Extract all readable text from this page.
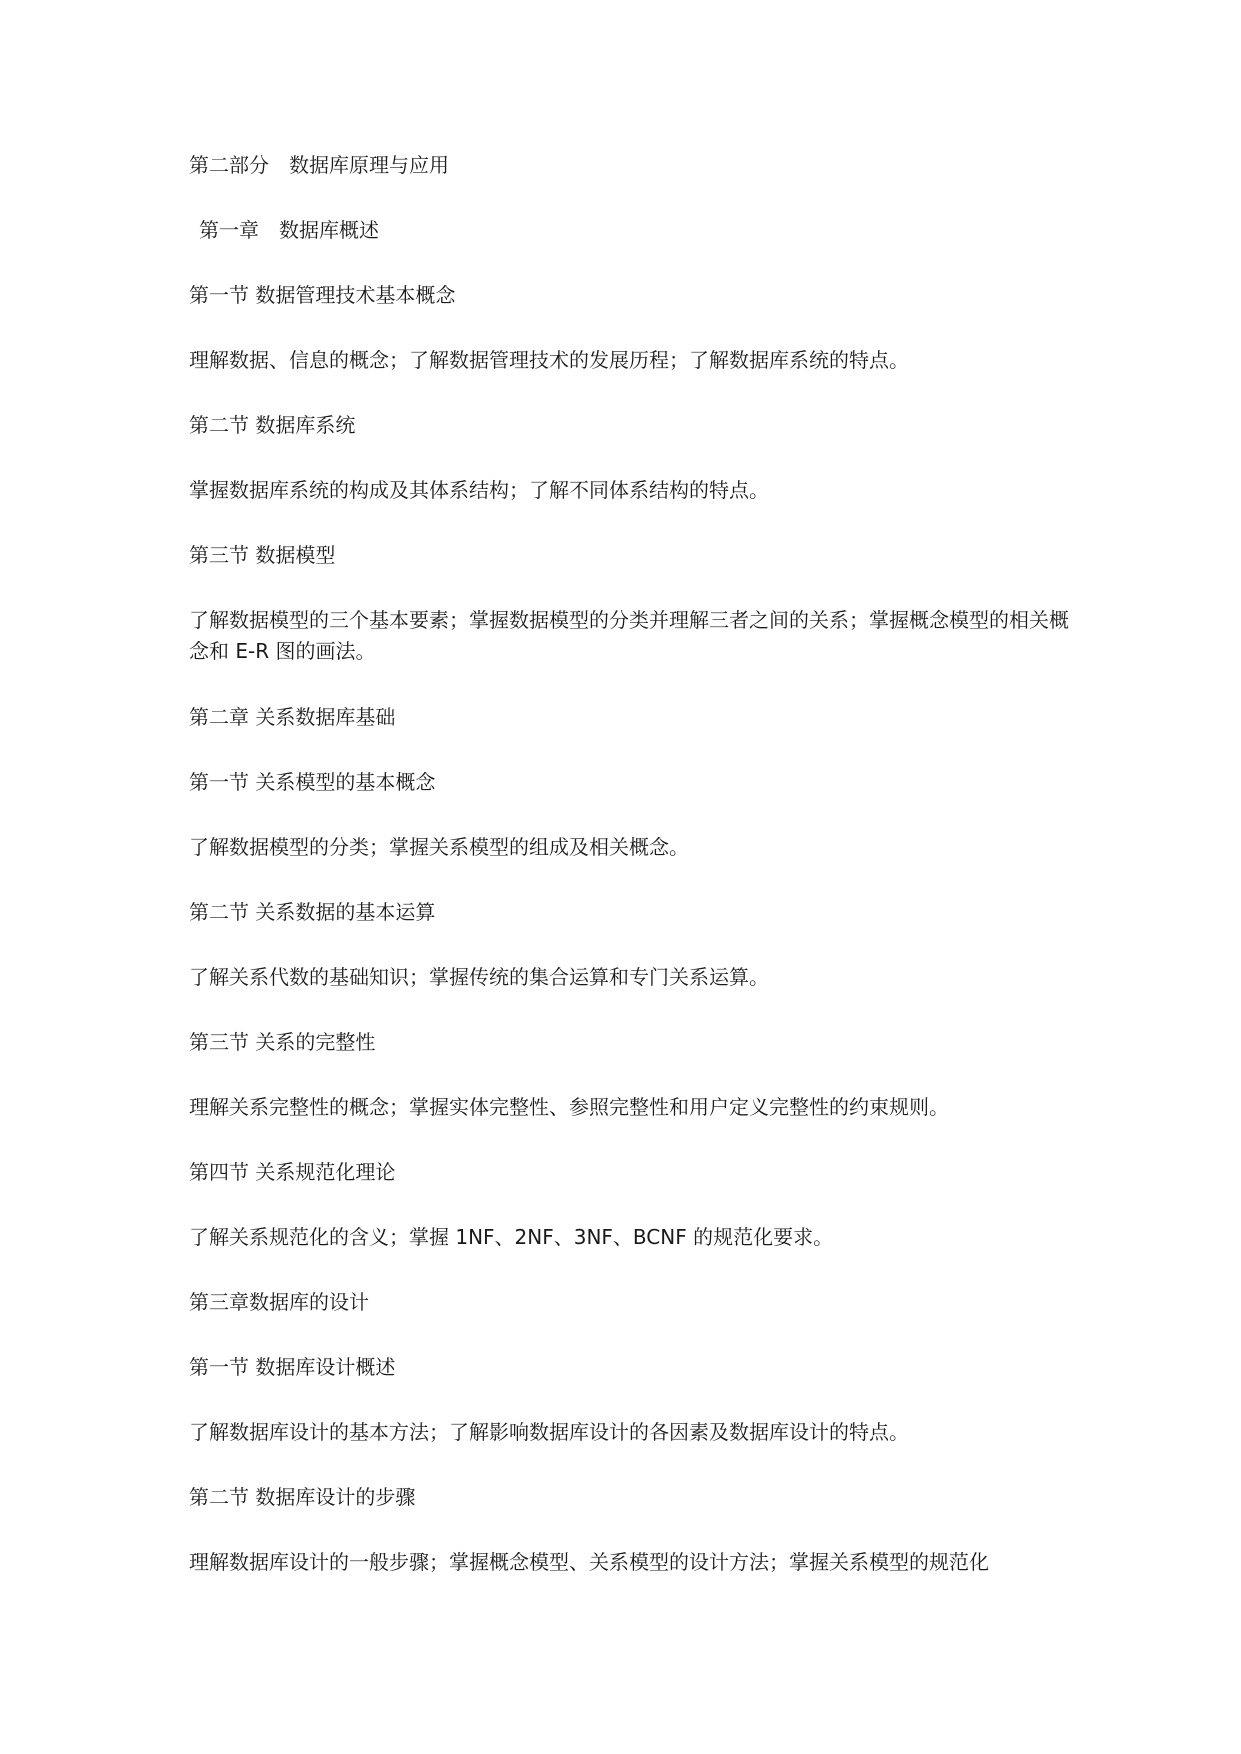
第二部分　数据库原理与应用
第一章　数据库概述
第一节 数据管理技术基本概念
理解数据、信息的概念；了解数据管理技术的发展历程；了解数据库系统的特点。
第二节 数据库系统
掌握数据库系统的构成及其体系结构；了解不同体系结构的特点。
第三节 数据模型
了解数据模型的三个基本要素；掌握数据模型的分类并理解三者之间的关系；掌握概念模型的相关概念和 E-R 图的画法。
第二章 关系数据库基础
第一节 关系模型的基本概念
了解数据模型的分类；掌握关系模型的组成及相关概念。
第二节 关系数据的基本运算
了解关系代数的基础知识；掌握传统的集合运算和专门关系运算。
第三节 关系的完整性
理解关系完整性的概念；掌握实体完整性、参照完整性和用户定义完整性的约束规则。
第四节 关系规范化理论
了解关系规范化的含义；掌握 1NF、2NF、3NF、BCNF 的规范化要求。
第三章数据库的设计
第一节 数据库设计概述
了解数据库设计的基本方法；了解影响数据库设计的各因素及数据库设计的特点。
第二节 数据库设计的步骤
理解数据库设计的一般步骤；掌握概念模型、关系模型的设计方法；掌握关系模型的规范化
